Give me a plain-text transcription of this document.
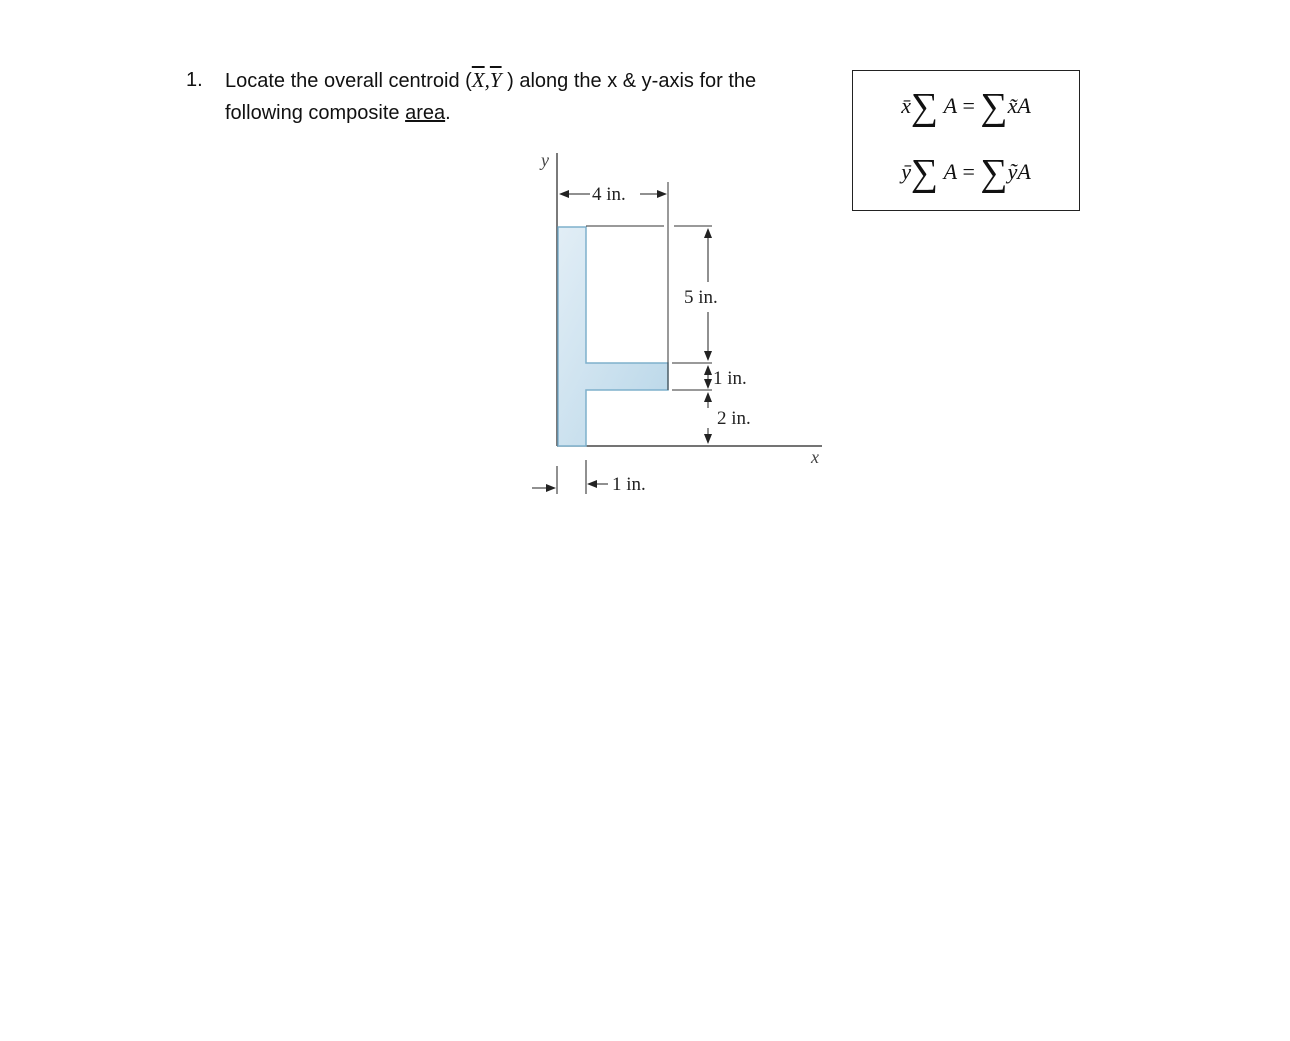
1. Locate the overall centroid ($\overline{X},\overline{Y}$ ) along the x & y-axis for the
following composite area.	x̄∑ A = ∑x̃A
ȳ∑ A = ∑ỹA
y
x
4 in.
5 in.
1 in.
2 in.
1 in.
